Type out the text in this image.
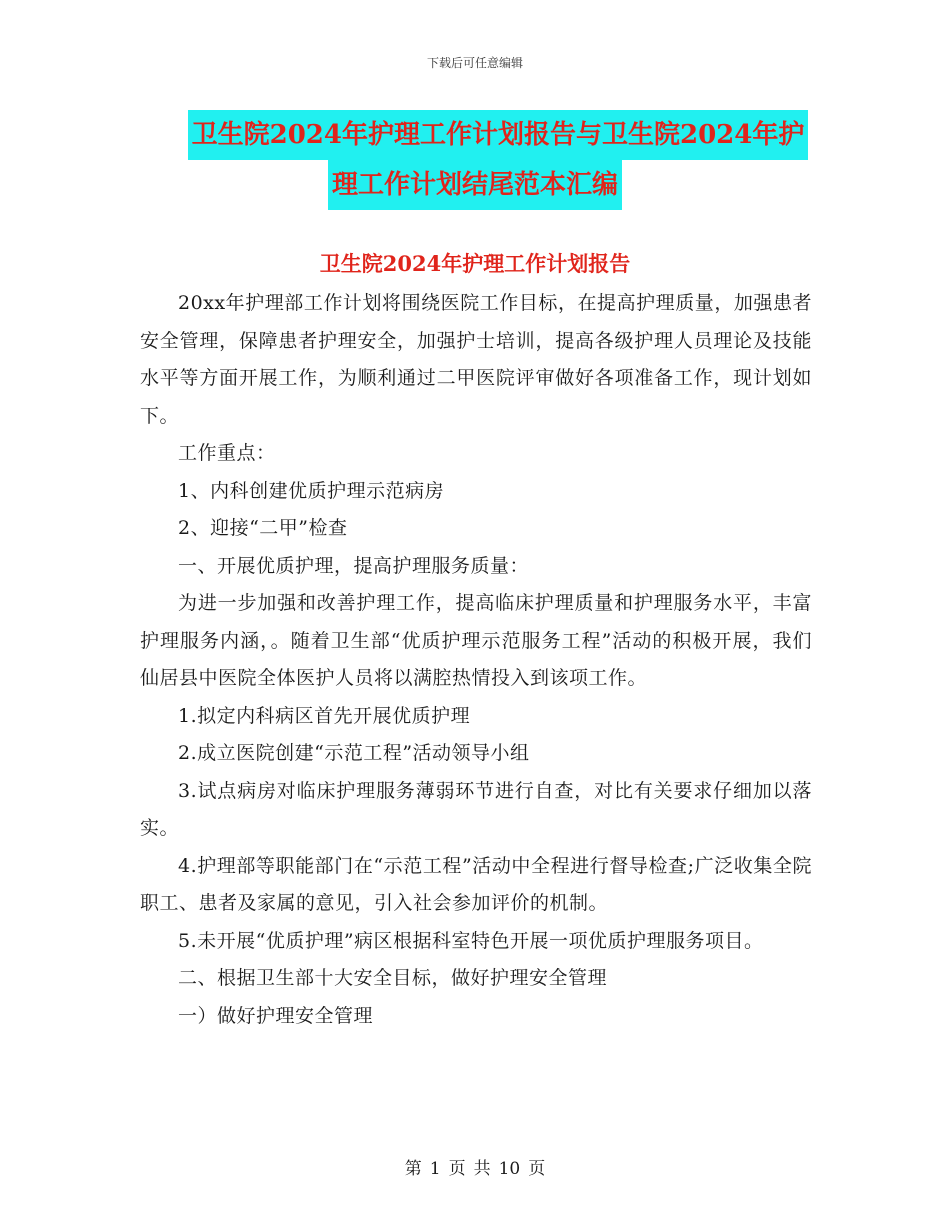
下载后可任意编辑
卫生院2024年护理工作计划报告与卫生院2024年护
理工作计划结尾范本汇编
卫生院2024年护理工作计划报告

20xx年护理部工作计划将围绕医院工作目标，在提高护理质量，加强患者安全管理，保障患者护理安全，加强护士培训，提高各级护理人员理论及技能水平等方面开展工作，为顺利通过二甲医院评审做好各项准备工作，现计划如下。

工作重点：

1、内科创建优质护理示范病房

2、迎接“二甲”检查

一、开展优质护理，提高护理服务质量：

为进一步加强和改善护理工作，提高临床护理质量和护理服务水平，丰富护理服务内涵，。随着卫生部“优质护理示范服务工程”活动的积极开展，我们仙居县中医院全体医护人员将以满腔热情投入到该项工作。

1.拟定内科病区首先开展优质护理

2.成立医院创建“示范工程”活动领导小组

3.试点病房对临床护理服务薄弱环节进行自查，对比有关要求仔细加以落实。

4.护理部等职能部门在“示范工程”活动中全程进行督导检查;广泛收集全院职工、患者及家属的意见，引入社会参加评价的机制。

5.未开展“优质护理”病区根据科室特色开展一项优质护理服务项目。

二、根据卫生部十大安全目标，做好护理安全管理

一）做好护理安全管理

第 1 页 共 10 页
